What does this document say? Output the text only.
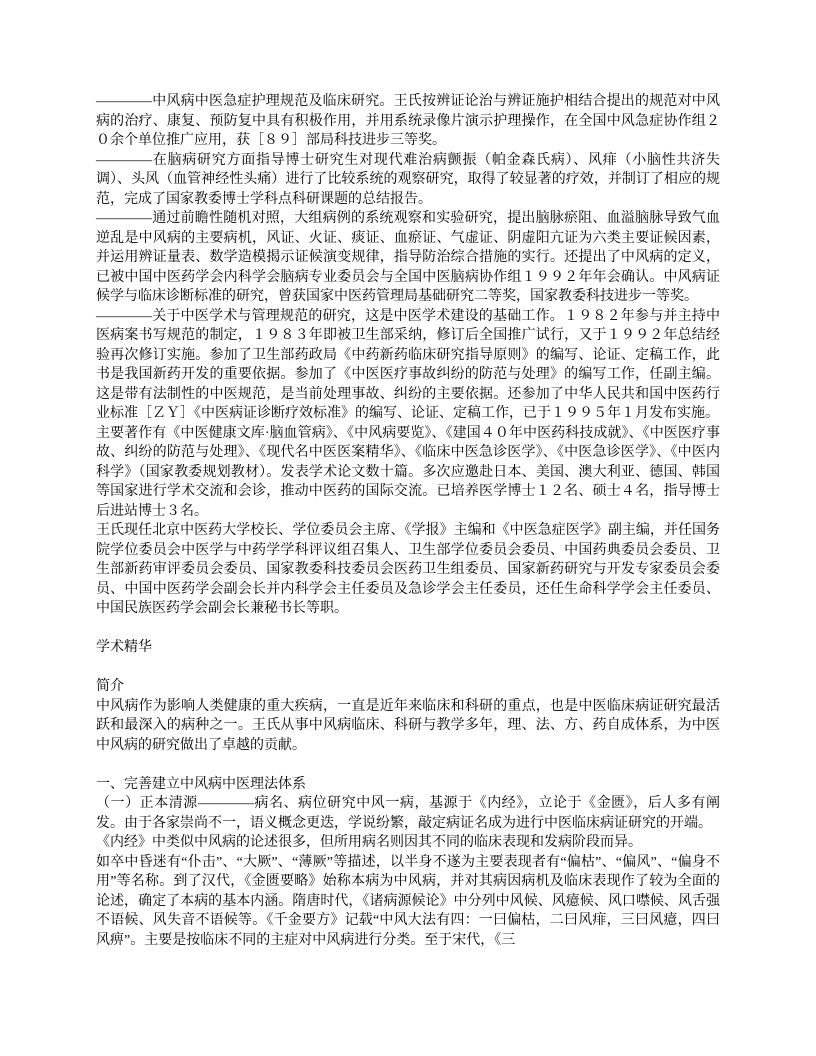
————中风病中医急症护理规范及临床研究。王氏按辨证论治与辨证施护相结合提出的规范对中风病的治疗、康复、预防复中具有积极作用，并用系统录像片演示护理操作，在全国中风急症协作组２０余个单位推广应用，获［８９］部局科技进步三等奖。

————在脑病研究方面指导博士研究生对现代难治病颤振（帕金森氏病）、风痱（小脑性共济失调）、头风（血管神经性头痛）进行了比较系统的观察研究，取得了较显著的疗效，并制订了相应的规范，完成了国家教委博士学科点科研课题的总结报告。

————通过前瞻性随机对照，大组病例的系统观察和实验研究，提出脑脉瘀阻、血溢脑脉导致气血逆乱是中风病的主要病机，风证、火证、痰证、血瘀证、气虚证、阴虚阳亢证为六类主要证候因素，并运用辨证量表、数学造模揭示证候演变规律，指导防治综合措施的实行。还提出了中风病的定义，已被中国中医药学会内科学会脑病专业委员会与全国中医脑病协作组１９９２年年会确认。中风病证候学与临床诊断标准的研究，曾获国家中医药管理局基础研究二等奖，国家教委科技进步一等奖。

————关于中医学术与管理规范的研究，这是中医学术建设的基础工作。１９８２年参与并主持中医病案书写规范的制定，１９８３年即被卫生部采纳，修订后全国推广试行，又于１９９２年总结经验再次修订实施。参加了卫生部药政局《中药新药临床研究指导原则》的编写、论证、定稿工作，此书是我国新药开发的重要依据。参加了《中医医疗事故纠纷的防范与处理》的编写工作，任副主编。这是带有法制性的中医规范，是当前处理事故、纠纷的主要依据。还参加了中华人民共和国中医药行业标准［ＺＹ］《中医病证诊断疗效标准》的编写、论证、定稿工作，已于１９９５年１月发布实施。

主要著作有《中医健康文库·脑血管病》、《中风病要览》、《建国４０年中医药科技成就》、《中医医疗事故、纠纷的防范与处理》、《现代名中医医案精华》、《临床中医急诊医学》、《中医急诊医学》、《中医内科学》（国家教委规划教材）。发表学术论文数十篇。多次应邀赴日本、美国、澳大利亚、德国、韩国等国家进行学术交流和会诊，推动中医药的国际交流。已培养医学博士１２名、硕士４名，指导博士后进站博士３名。

王氏现任北京中医药大学校长、学位委员会主席、《学报》主编和《中医急症医学》副主编，并任国务院学位委员会中医学与中药学学科评议组召集人、卫生部学位委员会委员、中国药典委员会委员、卫生部新药审评委员会委员、国家教委科技委员会医药卫生组委员、国家新药研究与开发专家委员会委员、中国中医药学会副会长并内科学会主任委员及急诊学会主任委员，还任生命科学学会主任委员、中国民族医药学会副会长兼秘书长等职。

学术精华
简介

中风病作为影响人类健康的重大疾病，一直是近年来临床和科研的重点，也是中医临床病证研究最活跃和最深入的病种之一。王氏从事中风病临床、科研与教学多年，理、法、方、药自成体系，为中医中风病的研究做出了卓越的贡献。

一、完善建立中风病中医理法体系

（一）正本清源————病名、病位研究中风一病，基源于《内经》，立论于《金匮》，后人多有阐发。由于各家崇尚不一，语义概念更迭，学说纷繁，敲定病证名成为进行中医临床病证研究的开端。

《内经》中类似中风病的论述很多，但所用病名则因其不同的临床表现和发病阶段而异。

如卒中昏迷有“仆击”、“大厥”、“薄厥”等描述，以半身不遂为主要表现者有“偏枯”、“偏风”、“偏身不用”等名称。到了汉代，《金匮要略》始称本病为中风病，并对其病因病机及临床表现作了较为全面的论述，确定了本病的基本内涵。隋唐时代，《诸病源候论》中分列中风候、风癔候、风口噤候、风舌强不语候、风失音不语候等。《千金要方》记载“中风大法有四：一曰偏枯，二曰风痱，三曰风癔，四曰风痹”。主要是按临床不同的主症对中风病进行分类。至于宋代，《三
